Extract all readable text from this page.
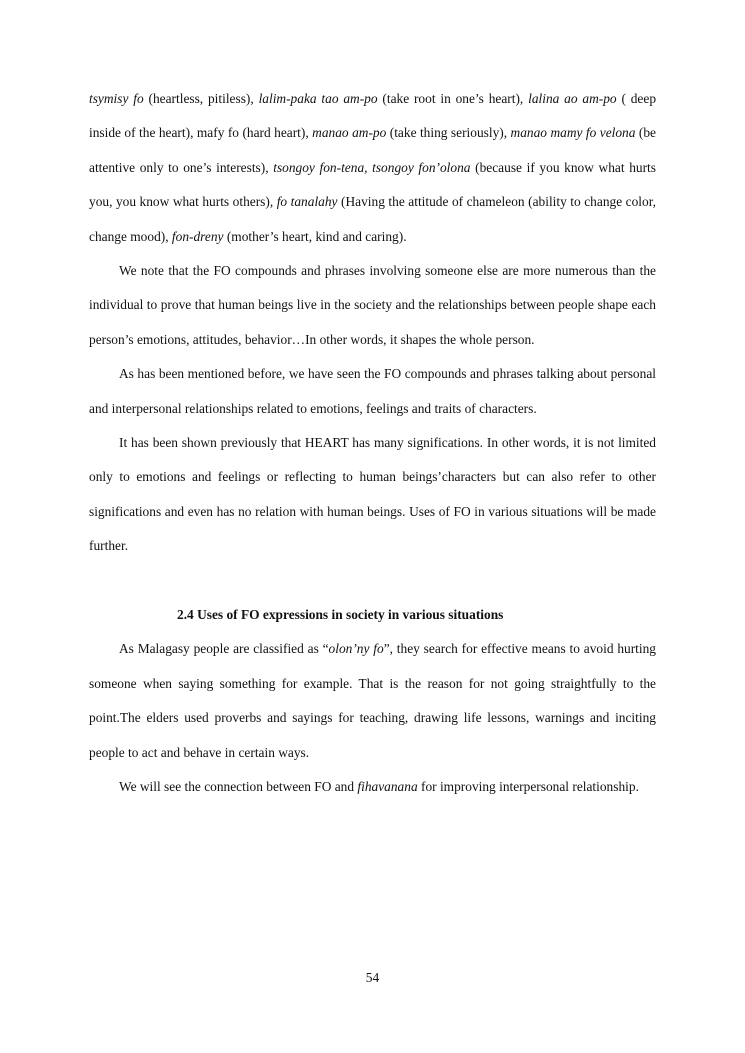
tsymisy fo (heartless, pitiless), lalim-paka tao am-po (take root in one’s heart), lalina ao am-po ( deep inside of the heart), mafy fo (hard heart), manao am-po (take thing seriously), manao mamy fo velona (be attentive only to one’s interests), tsongoy fon-tena, tsongoy fon’olona (because if you know what hurts you, you know what hurts others), fo tanalahy (Having the attitude of chameleon (ability to change color, change mood), fon-dreny (mother’s heart, kind and caring).

We note that the FO compounds and phrases involving someone else are more numerous than the individual to prove that human beings live in the society and the relationships between people shape each person’s emotions, attitudes, behavior…In other words, it shapes the whole person.

As has been mentioned before, we have seen the FO compounds and phrases talking about personal and interpersonal relationships related to emotions, feelings and traits of characters.

It has been shown previously that HEART has many significations. In other words, it is not limited only to emotions and feelings or reflecting to human beings’characters but can also refer to other significations and even has no relation with human beings. Uses of FO in various situations will be made further.

2.4 Uses of FO expressions in society in various situations

As Malagasy people are classified as “olon’ny fo”, they search for effective means to avoid hurting someone when saying something for example. That is the reason for not going straightfully to the point.The elders used proverbs and sayings for teaching, drawing life lessons, warnings and inciting people to act and behave in certain ways.

We will see the connection between FO and fihavanana for improving interpersonal relationship.

54
